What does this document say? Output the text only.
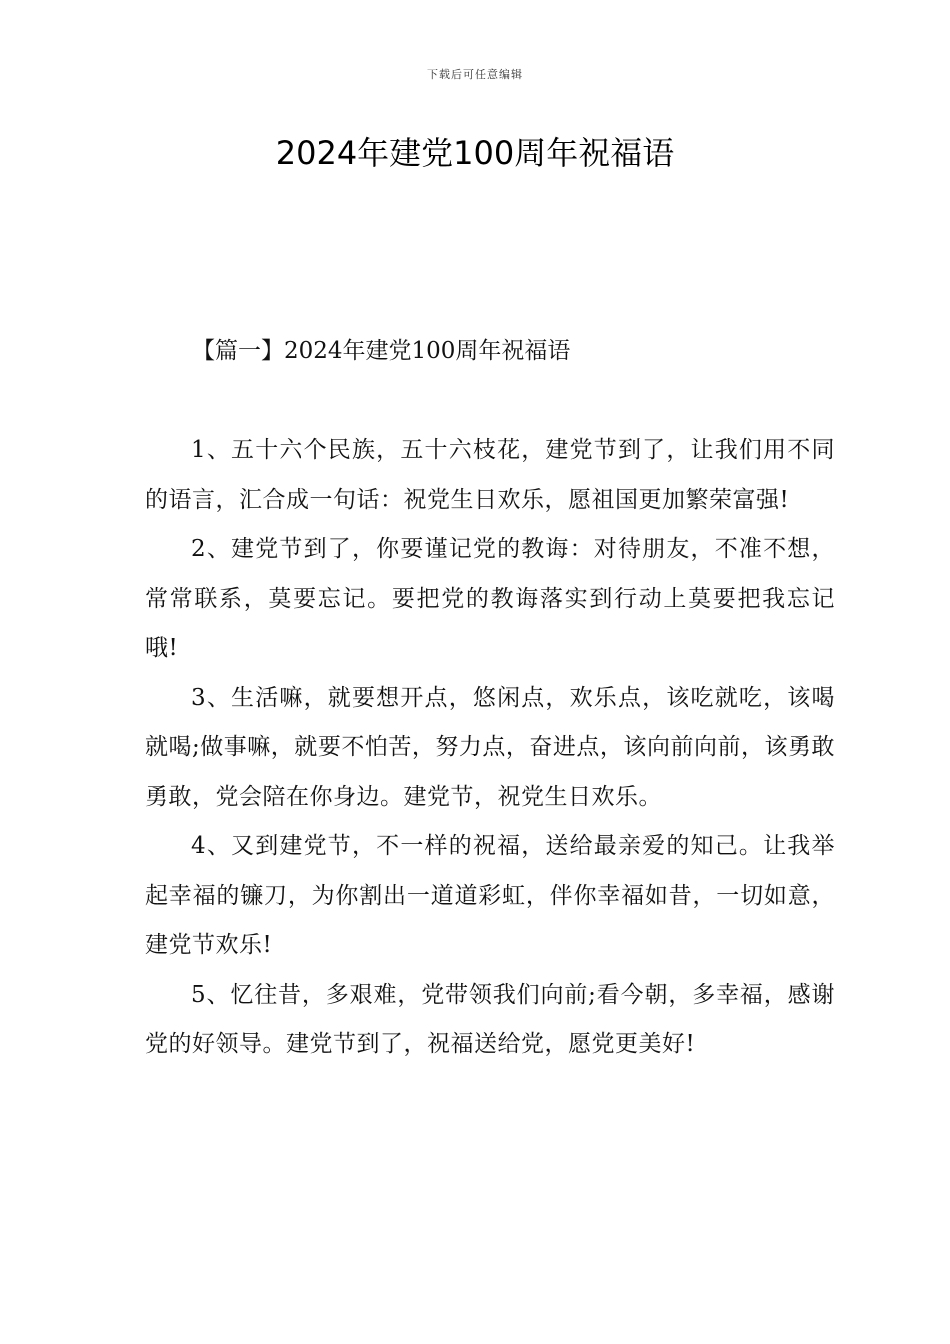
下载后可任意编辑
2024年建党100周年祝福语
【篇一】2024年建党100周年祝福语

1、五十六个民族，五十六枝花，建党节到了，让我们用不同的语言，汇合成一句话：祝党生日欢乐，愿祖国更加繁荣富强!

2、建党节到了，你要谨记党的教诲：对待朋友，不准不想，常常联系，莫要忘记。要把党的教诲落实到行动上莫要把我忘记哦!

3、生活嘛，就要想开点，悠闲点，欢乐点，该吃就吃，该喝就喝;做事嘛，就要不怕苦，努力点，奋进点，该向前向前，该勇敢勇敢，党会陪在你身边。建党节，祝党生日欢乐。

4、又到建党节，不一样的祝福，送给最亲爱的知己。让我举起幸福的镰刀，为你割出一道道彩虹，伴你幸福如昔，一切如意，建党节欢乐!

5、忆往昔，多艰难，党带领我们向前;看今朝，多幸福，感谢党的好领导。建党节到了，祝福送给党，愿党更美好!
